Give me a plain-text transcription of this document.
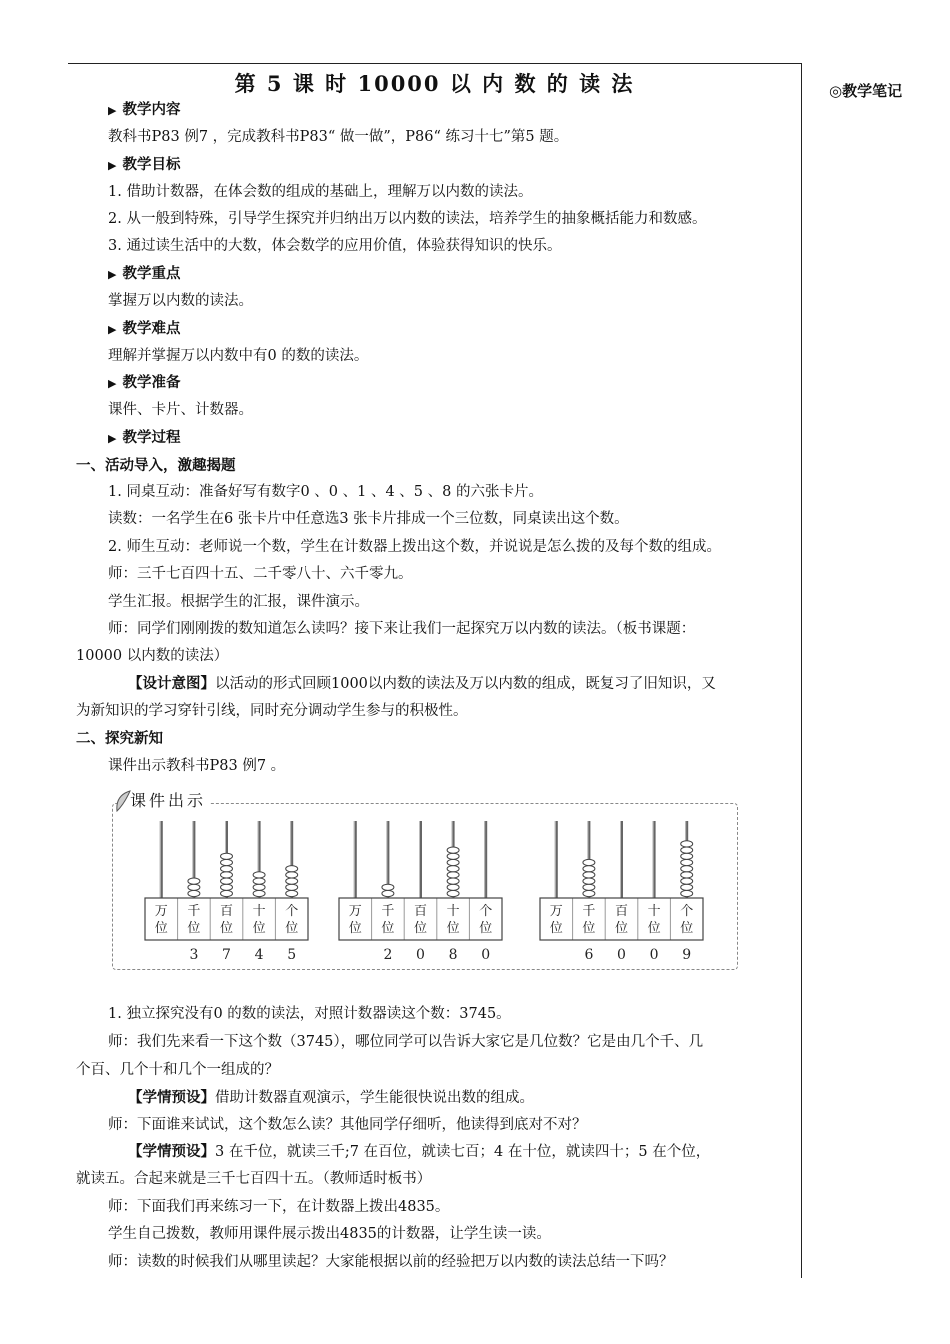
◎教学笔记
第 5 课 时 10000 以 内 数 的 读 法
▶ 教学内容
教科书P83 例7 ，完成教科书P83“ 做一做”，P86“ 练习十七”第5 题。
▶ 教学目标
1. 借助计数器，在体会数的组成的基础上，理解万以内数的读法。
2. 从一般到特殊，引导学生探究并归纳出万以内数的读法，培养学生的抽象概括能力和数感。
3. 通过读生活中的大数，体会数学的应用价值，体验获得知识的快乐。
▶ 教学重点
掌握万以内数的读法。
▶ 教学难点
理解并掌握万以内数中有0 的数的读法。
▶ 教学准备
课件、卡片、计数器。
▶ 教学过程
一、活动导入，激趣揭题
1. 同桌互动：准备好写有数字0 、0 、1 、4 、5 、8 的六张卡片。
读数：一名学生在6 张卡片中任意选3 张卡片排成一个三位数，同桌读出这个数。
2. 师生互动：老师说一个数，学生在计数器上拨出这个数，并说说是怎么拨的及每个数的组成。
师：三千七百四十五、二千零八十、六千零九。
学生汇报。根据学生的汇报，课件演示。
师：同学们刚刚拨的数知道怎么读吗？接下来让我们一起探究万以内数的读法。（板书课题：
10000 以内数的读法）
【设计意图】以活动的形式回顾1000以内数的读法及万以内数的组成，既复习了旧知识，又
为新知识的学习穿针引线，同时充分调动学生参与的积极性。
二、探究新知
课件出示教科书P83 例7 。
课件出示
万
位
千
位
百
位
十
位
个
位
3 7 4 5
万
位
千
位
百
位
十
位
个
位
2 0 8 0
万
位
千
位
百
位
十
位
个
位
6 0 0 9
1. 独立探究没有0 的数的读法，对照计数器读这个数：3745。
师：我们先来看一下这个数（3745），哪位同学可以告诉大家它是几位数？它是由几个千、几
个百、几个十和几个一组成的？
【学情预设】借助计数器直观演示，学生能很快说出数的组成。
师：下面谁来试试，这个数怎么读？其他同学仔细听，他读得到底对不对？
【学情预设】3 在千位，就读三千;7 在百位，就读七百；4 在十位，就读四十；5 在个位，
就读五。合起来就是三千七百四十五。（教师适时板书）
师：下面我们再来练习一下，在计数器上拨出4835。
学生自己拨数，教师用课件展示拨出4835的计数器，让学生读一读。
师：读数的时候我们从哪里读起？大家能根据以前的经验把万以内数的读法总结一下吗？
